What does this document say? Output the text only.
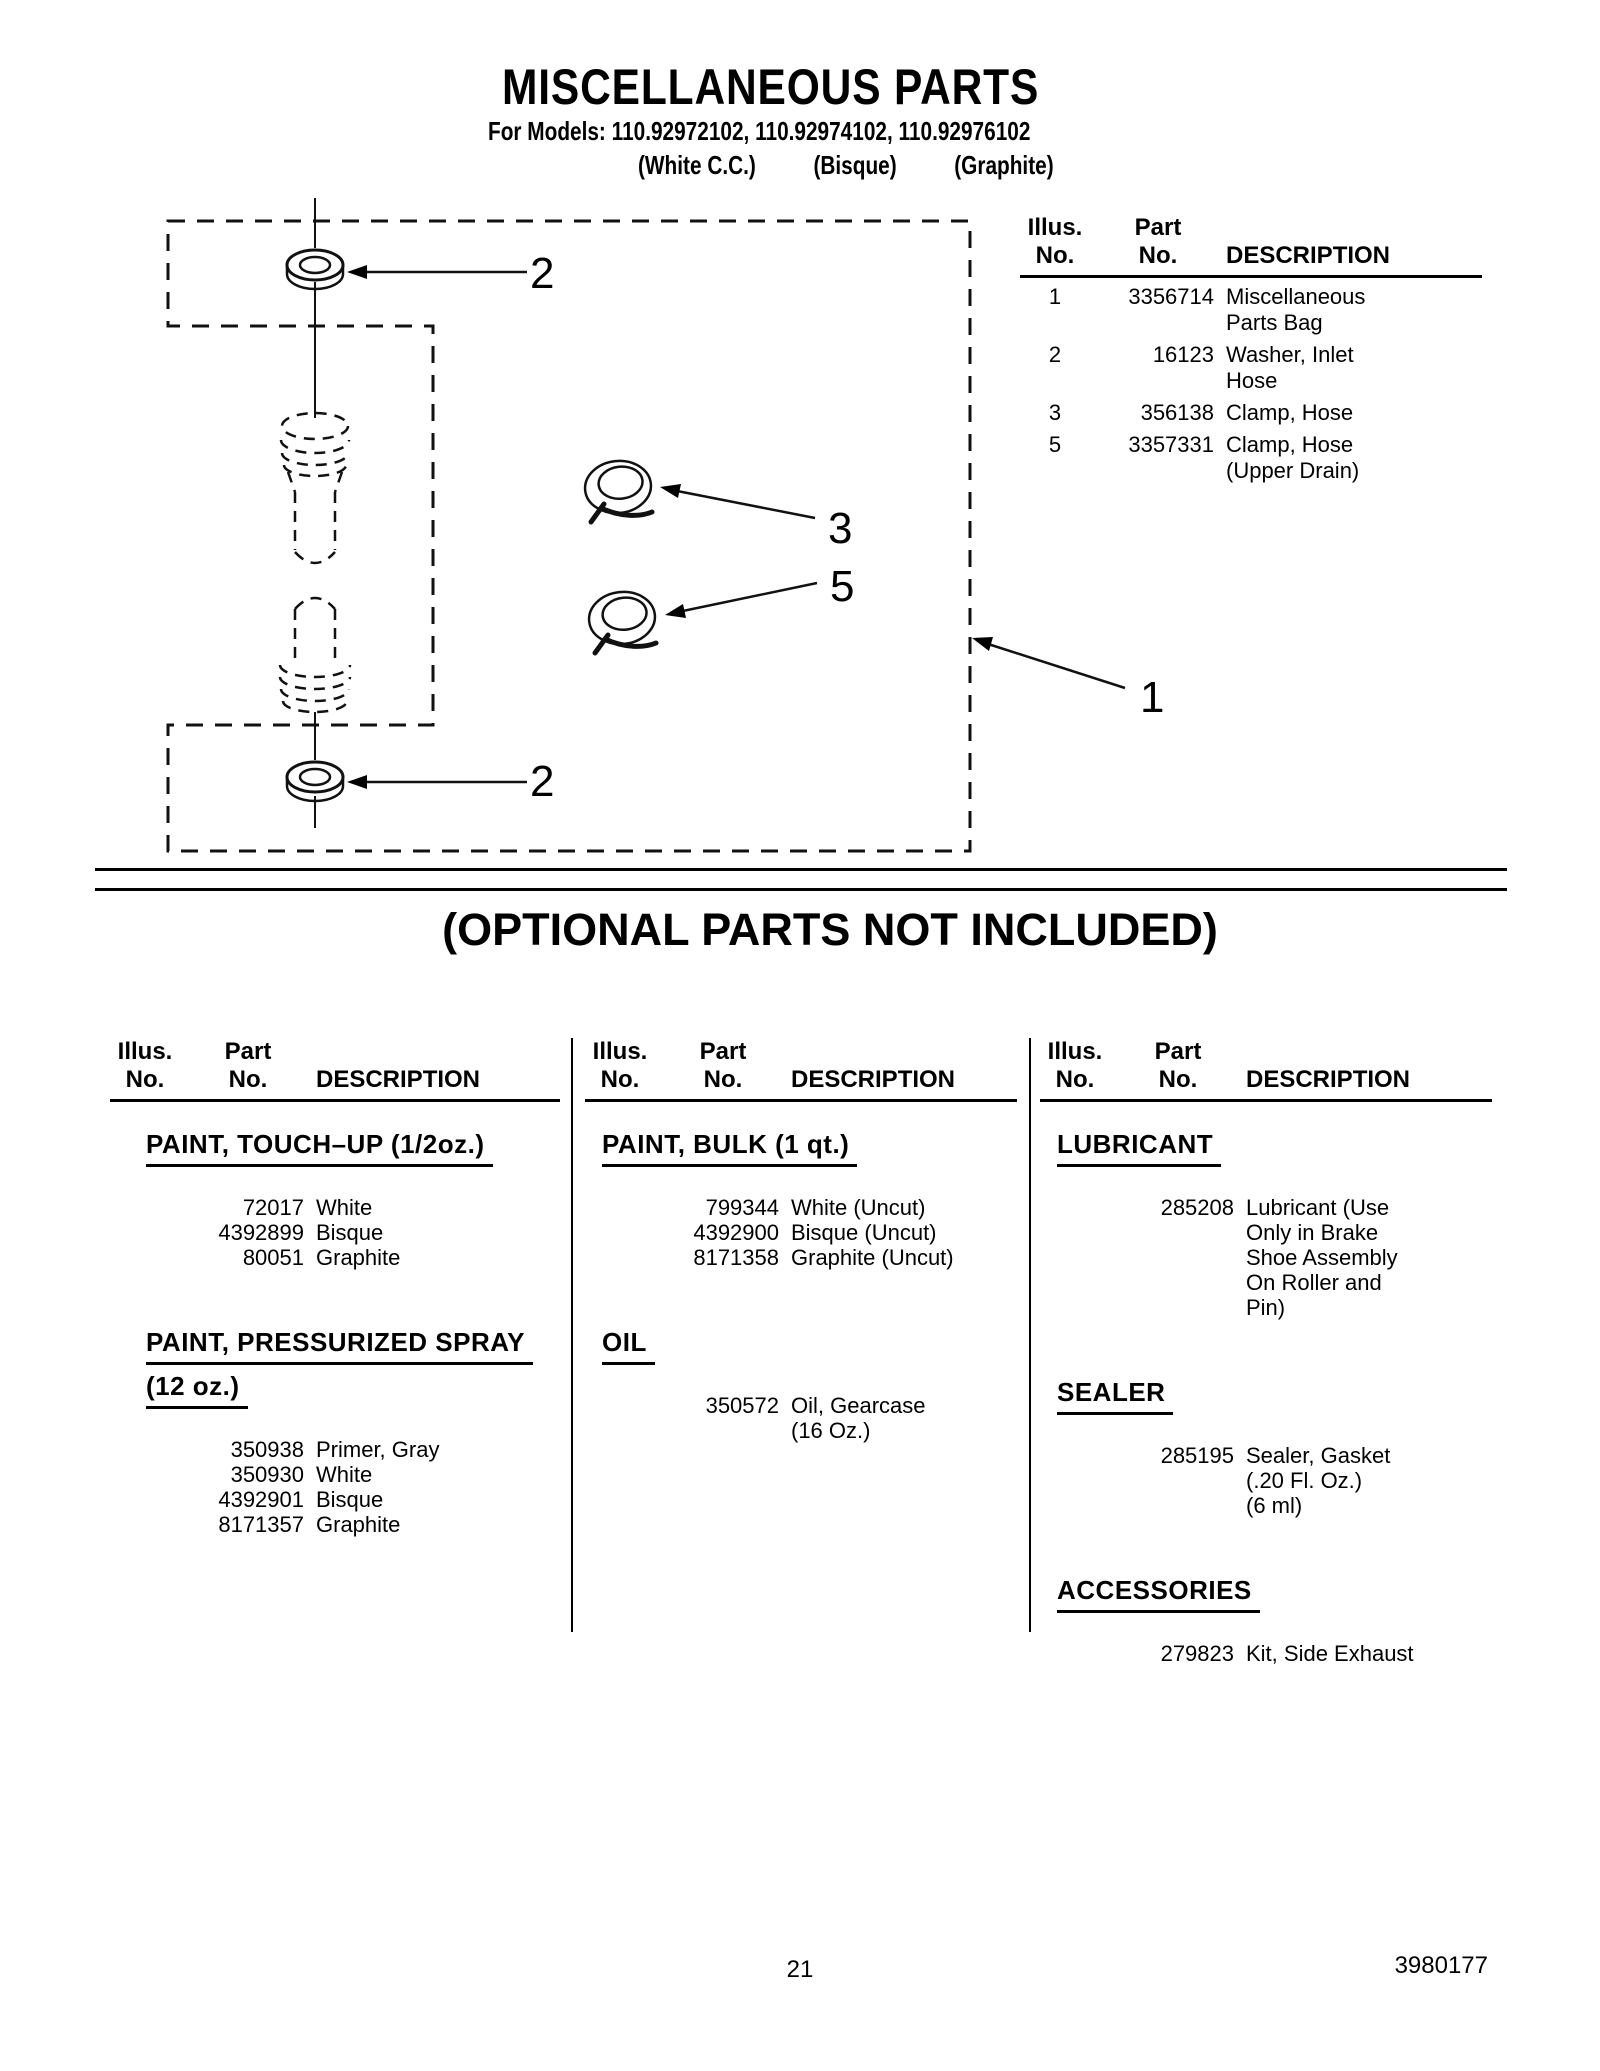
MISCELLANEOUS PARTS
For Models: 110.92972102, 110.92974102, 110.92976102
(White C.C.) (Bisque) (Graphite)
2
3
5
1
2
Illus.
No.
Part
No.	DESCRIPTION
1	3356714 Miscellaneous
Parts Bag
2	16123 Washer, Inlet
Hose
3	356138 Clamp, Hose
5	3357331 Clamp, Hose
(Upper Drain)
(OPTIONAL PARTS NOT INCLUDED)
Illus.
No.
Part
No.	DESCRIPTION
PAINT, TOUCH–UP (1/2oz.)
72017 White
4392899 Bisque
80051 Graphite
PAINT, PRESSURIZED SPRAY
(12 oz.)
350938 Primer, Gray
350930 White
4392901 Bisque
8171357 Graphite
Illus.
No.
Part
No.	DESCRIPTION
PAINT, BULK (1 qt.)
799344 White (Uncut)
4392900 Bisque (Uncut)
8171358 Graphite (Uncut)
OIL
350572 Oil, Gearcase
(16 Oz.)
Illus.
No.
Part
No.	DESCRIPTION
LUBRICANT
285208 Lubricant (Use
Only in Brake
Shoe Assembly
On Roller and
Pin)
SEALER
285195 Sealer, Gasket
(.20 Fl. Oz.)
(6 ml)
ACCESSORIES
279823 Kit, Side Exhaust
21	3980177
